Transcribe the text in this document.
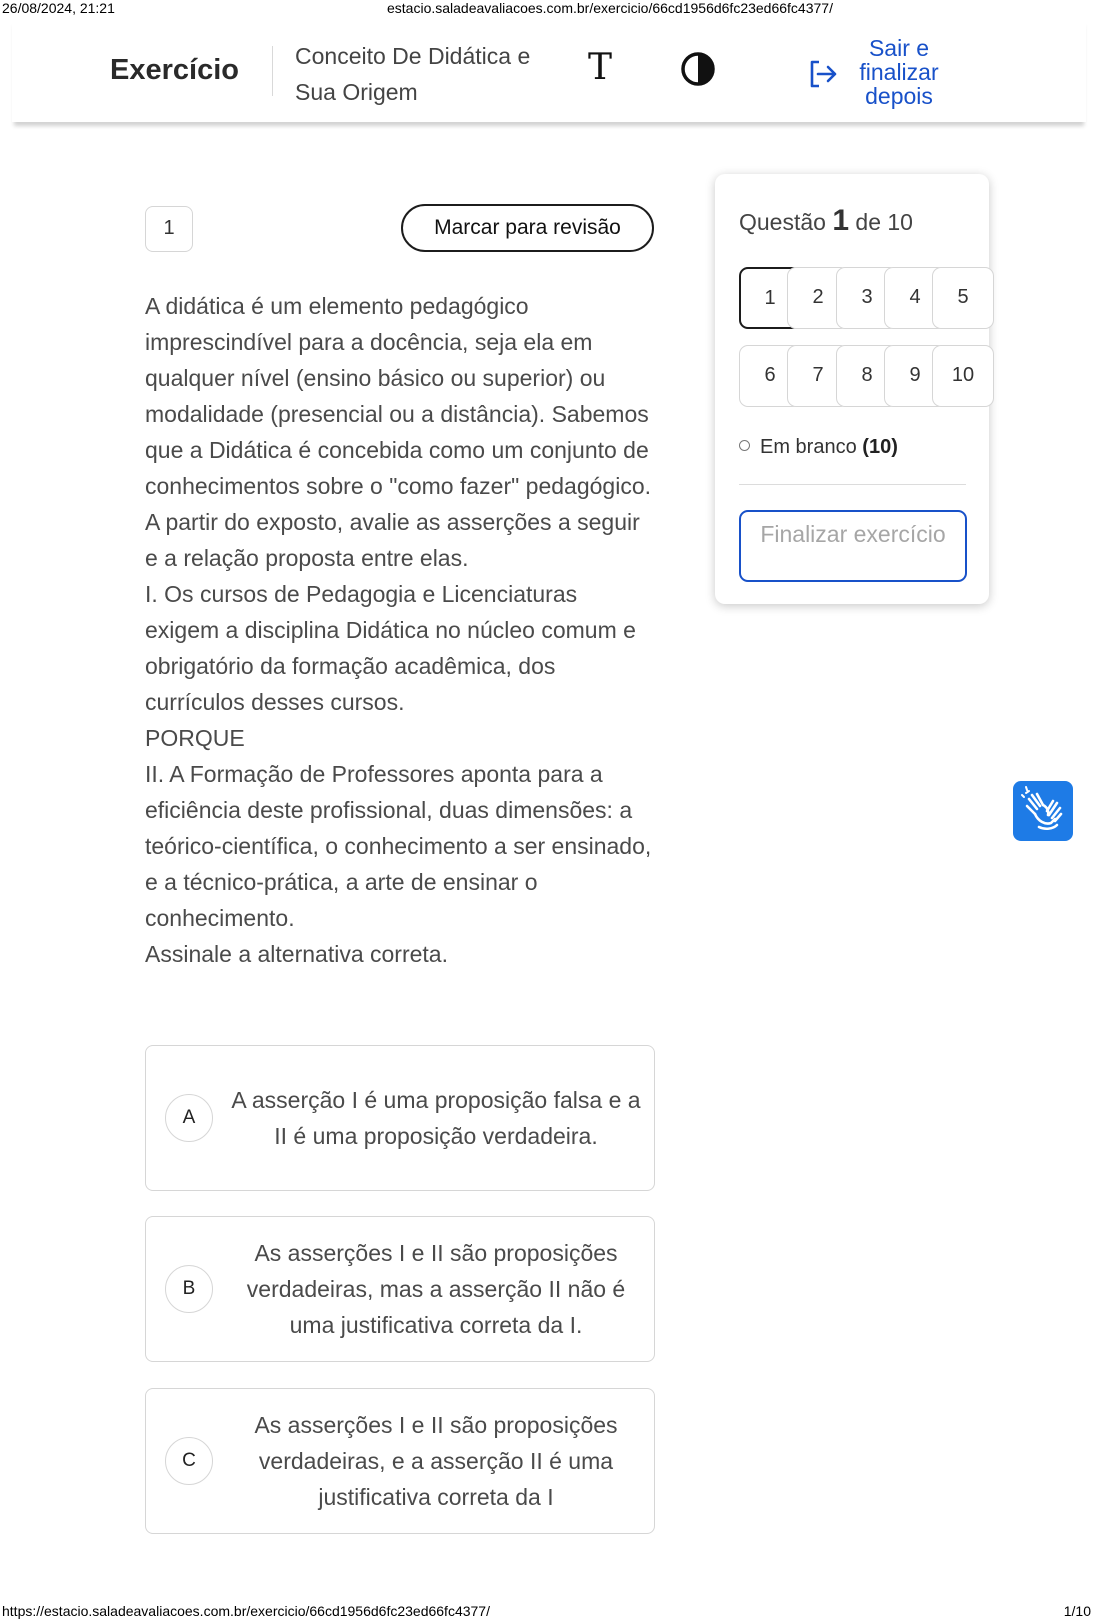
26/08/2024, 21:21	estacio.saladeavaliacoes.com.br/exercicio/66cd1956d6fc23ed66fc4377/
Exercício Conceito De Didática e Sua Origem
T	Sair e finalizar depois
1	Marcar para revisão
A didática é um elemento pedagógico imprescindível para a docência, seja ela em qualquer nível (ensino básico ou superior) ou modalidade (presencial ou a distância). Sabemos que a Didática é concebida como um conjunto de conhecimentos sobre o "como fazer" pedagógico. A partir do exposto, avalie as asserções a seguir e a relação proposta entre elas.
I. Os cursos de Pedagogia e Licenciaturas exigem a disciplina Didática no núcleo comum e obrigatório da formação acadêmica, dos currículos desses cursos.
PORQUE
II. A Formação de Professores aponta para a eficiência deste profissional, duas dimensões: a teórico-científica, o conhecimento a ser ensinado, e a técnico-prática, a arte de ensinar o conhecimento.
Assinale a alternativa correta.
A
A asserção I é uma proposição falsa e a II é uma proposição verdadeira.
B
As asserções I e II são proposições verdadeiras, mas a asserção II não é uma justificativa correta da I.
C
As asserções I e II são proposições verdadeiras, e a asserção II é uma justificativa correta da I
Questão 1 de 10
1	2	3	4	5
6	7	8	9	10
Em branco (10)
Finalizar exercício
https://estacio.saladeavaliacoes.com.br/exercicio/66cd1956d6fc23ed66fc4377/	1/10
